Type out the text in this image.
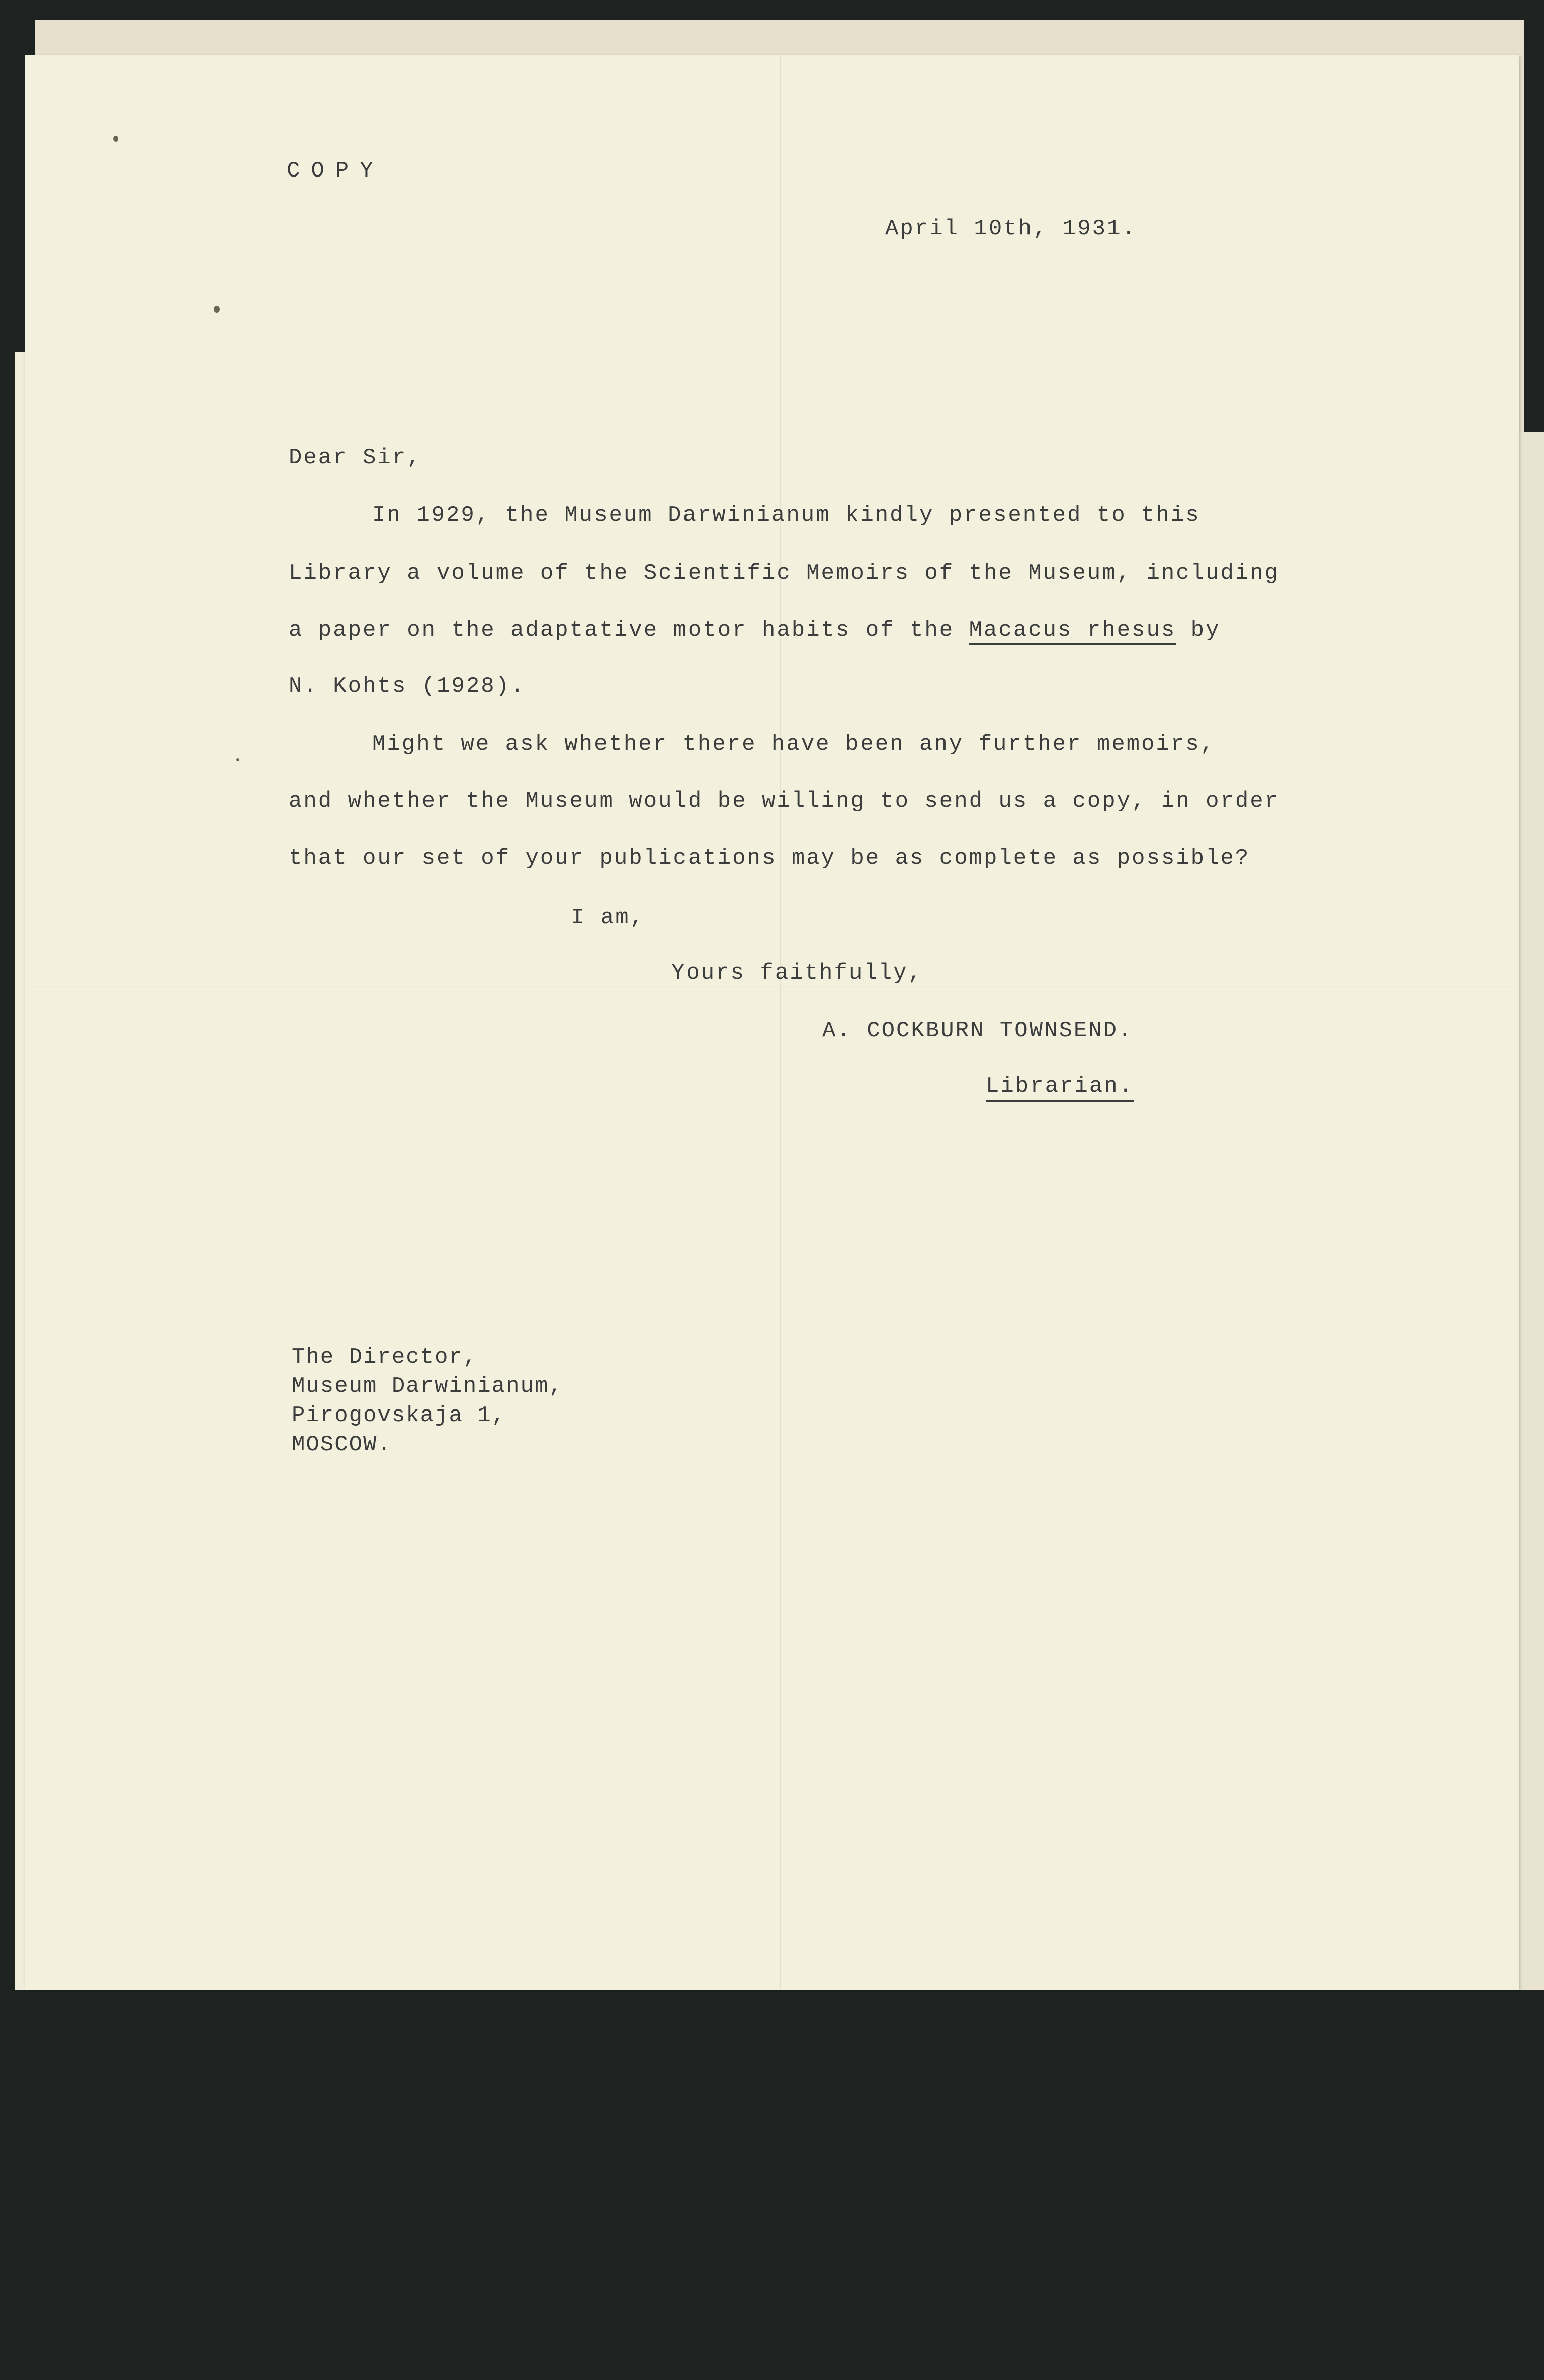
COPY
April 10th, 1931.
Dear Sir,
In 1929, the Museum Darwinianum kindly presented to this
Library a volume of the Scientific Memoirs of the Museum, including
a paper on the adaptative motor habits of the Macacus rhesus by
N. Kohts (1928).
Might we ask whether there have been any further memoirs,
and whether the Museum would be willing to send us a copy, in order
that our set of your publications may be as complete as possible?
I am,
Yours faithfully,
A. COCKBURN TOWNSEND.
Librarian.
The Director,
Museum Darwinianum,
Pirogovskaja 1,
MOSCOW.
